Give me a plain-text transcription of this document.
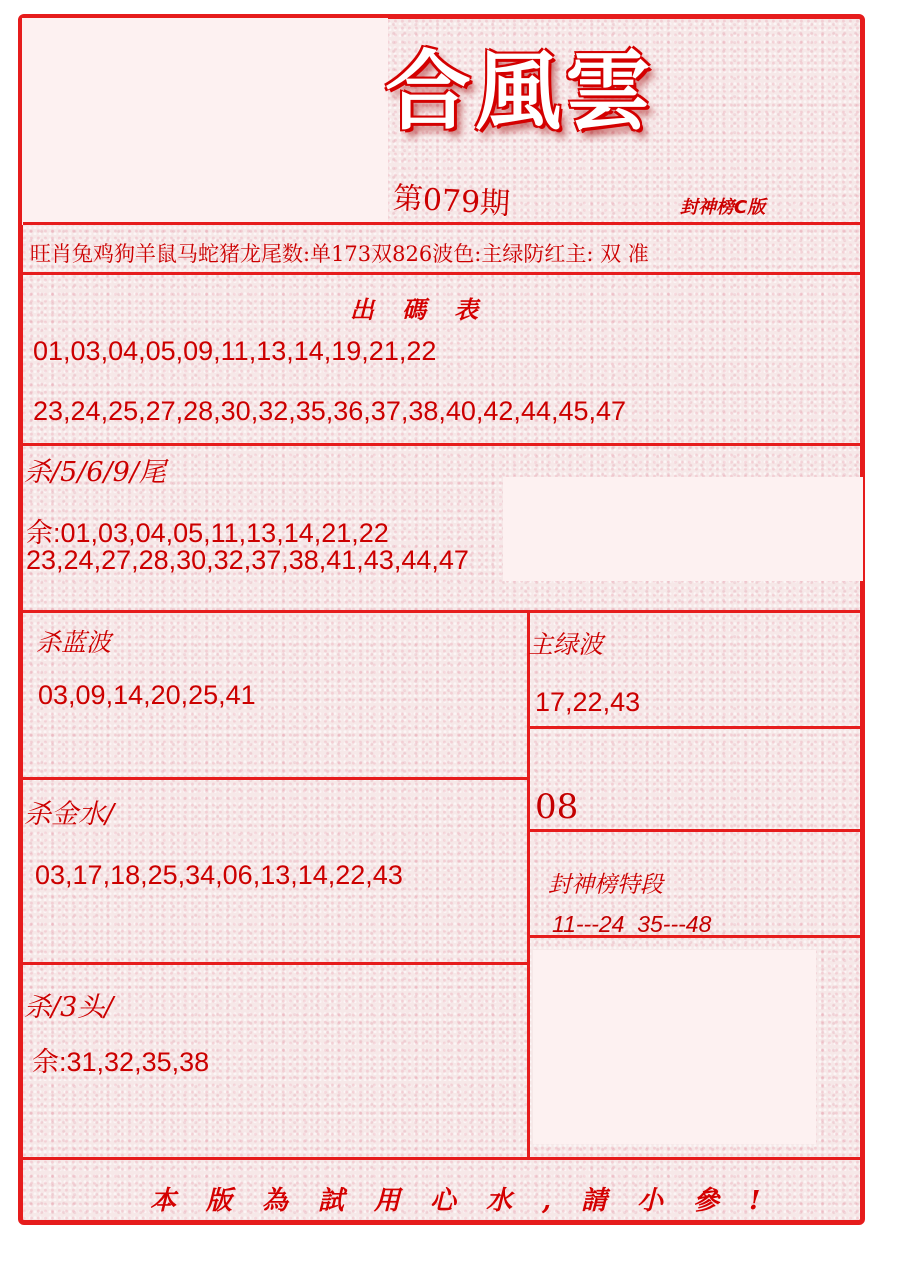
合風雲
第079期	封神榜C版
旺肖兔鸡狗羊鼠马蛇猪龙尾数:单173双826波色:主绿防红主: 双 准
出碼表
01,03,04,05,09,11,13,14,19,21,22
23,24,25,27,28,30,32,35,36,37,38,40,42,44,45,47
杀/5/6/9/尾
余:01,03,04,05,11,13,14,21,22
23,24,27,28,30,32,37,38,41,43,44,47
杀蓝波
03,09,14,20,25,41
主绿波
17,22,43
杀金水/
03,17,18,25,34,06,13,14,22,43
08
封神榜特段
11---24  35---48
杀/3头/
余:31,32,35,38
本版為試用心水,請小參!
